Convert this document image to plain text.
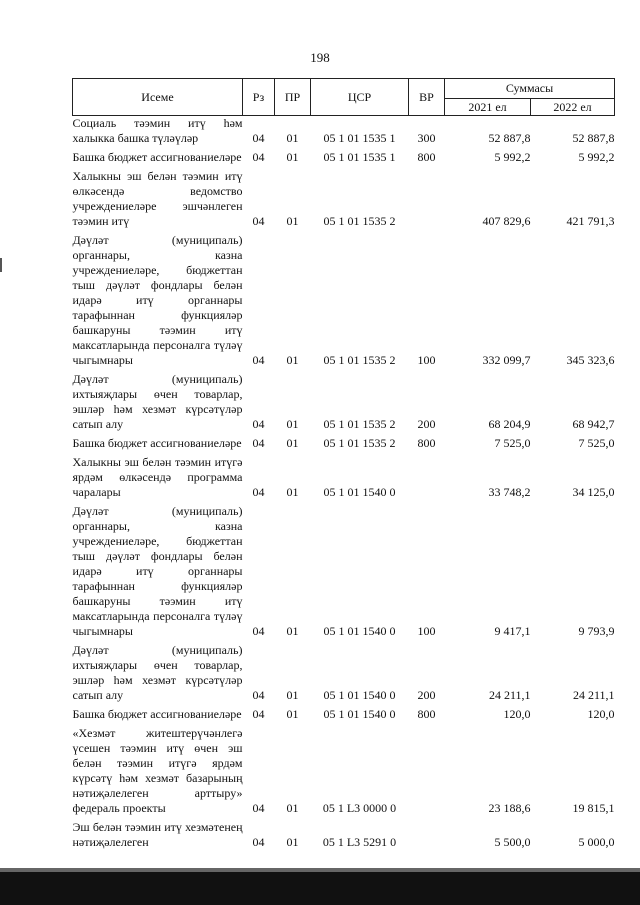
198
Исеме	Рз	ПР	ЦСР	ВР	Суммасы	
					2021 ел	2022 ел
Социаль тәэмин итү һәм халыкка башка түләүләр	04	01	05 1 01 1535 1	300	52 887,8	52 887,8
Башка бюджет ассигнованиеләре	04	01	05 1 01 1535 1	800	5 992,2	5 992,2
Халыкны эш белән тәэмин итү өлкәсендә ведомство учреждениеләре эшчәнлеген тәэмин итү	04	01	05 1 01 1535 2		407 829,6	421 791,3
Дәүләт (муниципаль) органнары, казна учреждениеләре, бюджеттан тыш дәүләт фондлары белән идарә итү органнары тарафыннан функцияләр башкаруны тәэмин итү максатларында персоналга түләү чыгымнары	04	01	05 1 01 1535 2	100	332 099,7	345 323,6
Дәүләт (муниципаль) ихтыяҗлары өчен товарлар, эшләр һәм хезмәт күрсәтүләр сатып алу	04	01	05 1 01 1535 2	200	68 204,9	68 942,7
Башка бюджет ассигнованиеләре	04	01	05 1 01 1535 2	800	7 525,0	7 525,0
Халыкны эш белән тәэмин итүгә ярдәм өлкәсендә программа чаралары	04	01	05 1 01 1540 0		33 748,2	34 125,0
Дәүләт (муниципаль) органнары, казна учреждениеләре, бюджеттан тыш дәүләт фондлары белән идарә итү органнары тарафыннан функцияләр башкаруны тәэмин итү максатларында персоналга түләү чыгымнары	04	01	05 1 01 1540 0	100	9 417,1	9 793,9
Дәүләт (муниципаль) ихтыяҗлары өчен товарлар, эшләр һәм хезмәт күрсәтүләр сатып алу	04	01	05 1 01 1540 0	200	24 211,1	24 211,1
Башка бюджет ассигнованиеләре	04	01	05 1 01 1540 0	800	120,0	120,0
«Хезмәт житештерүчәнлегә үсешен тәэмин итү өчен эш белән тәэмин итүгә ярдәм күрсәтү һәм хезмәт базарының нәтиҗәлелеген арттыру» федераль проекты	04	01	05 1 L3 0000 0		23 188,6	19 815,1
Эш белән тәэмин итү хезмәтенең нәтиҗәлелеген	04	01	05 1 L3 5291 0		5 500,0	5 000,0
